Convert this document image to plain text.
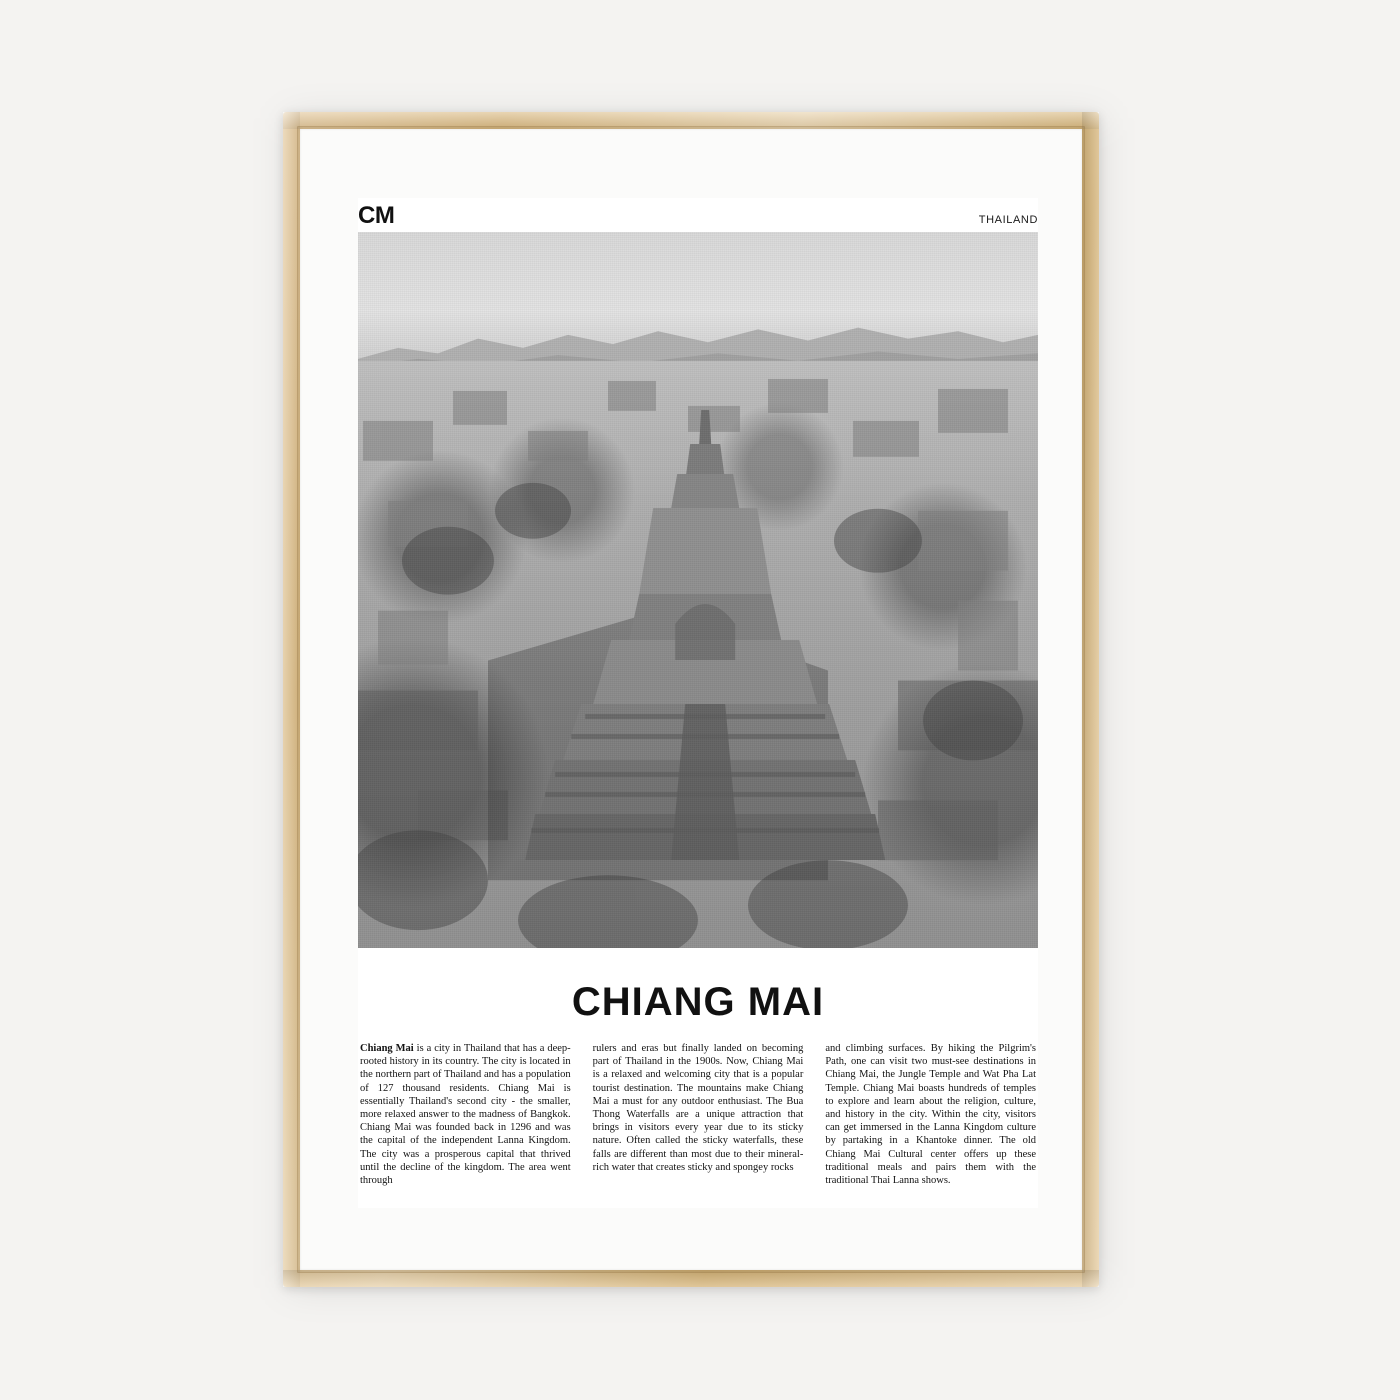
CM	THAILAND
CHIANG MAI
Chiang Mai is a city in Thailand that has a deep-rooted history in its country. The city is located in the northern part of Thailand and has a population of 127 thousand residents. Chiang Mai is essentially Thailand's second city - the smaller, more relaxed answer to the madness of Bangkok. Chiang Mai was founded back in 1296 and was the capital of the independent Lanna Kingdom. The city was a prosperous capital that thrived until the decline of the kingdom. The area went through
rulers and eras but finally landed on becoming part of Thailand in the 1900s. Now, Chiang Mai is a relaxed and welcoming city that is a popular tourist destination. The mountains make Chiang Mai a must for any outdoor enthusiast. The Bua Thong Waterfalls are a unique attraction that brings in visitors every year due to its sticky nature. Often called the sticky waterfalls, these falls are different than most due to their mineral-rich water that creates sticky and spongey rocks
and climbing surfaces. By hiking the Pilgrim's Path, one can visit two must-see destinations in Chiang Mai, the Jungle Temple and Wat Pha Lat Temple. Chiang Mai boasts hundreds of temples to explore and learn about the religion, culture, and history in the city. Within the city, visitors can get immersed in the Lanna Kingdom culture by partaking in a Khantoke dinner. The old Chiang Mai Cultural center offers up these traditional meals and pairs them with the traditional Thai Lanna shows.
